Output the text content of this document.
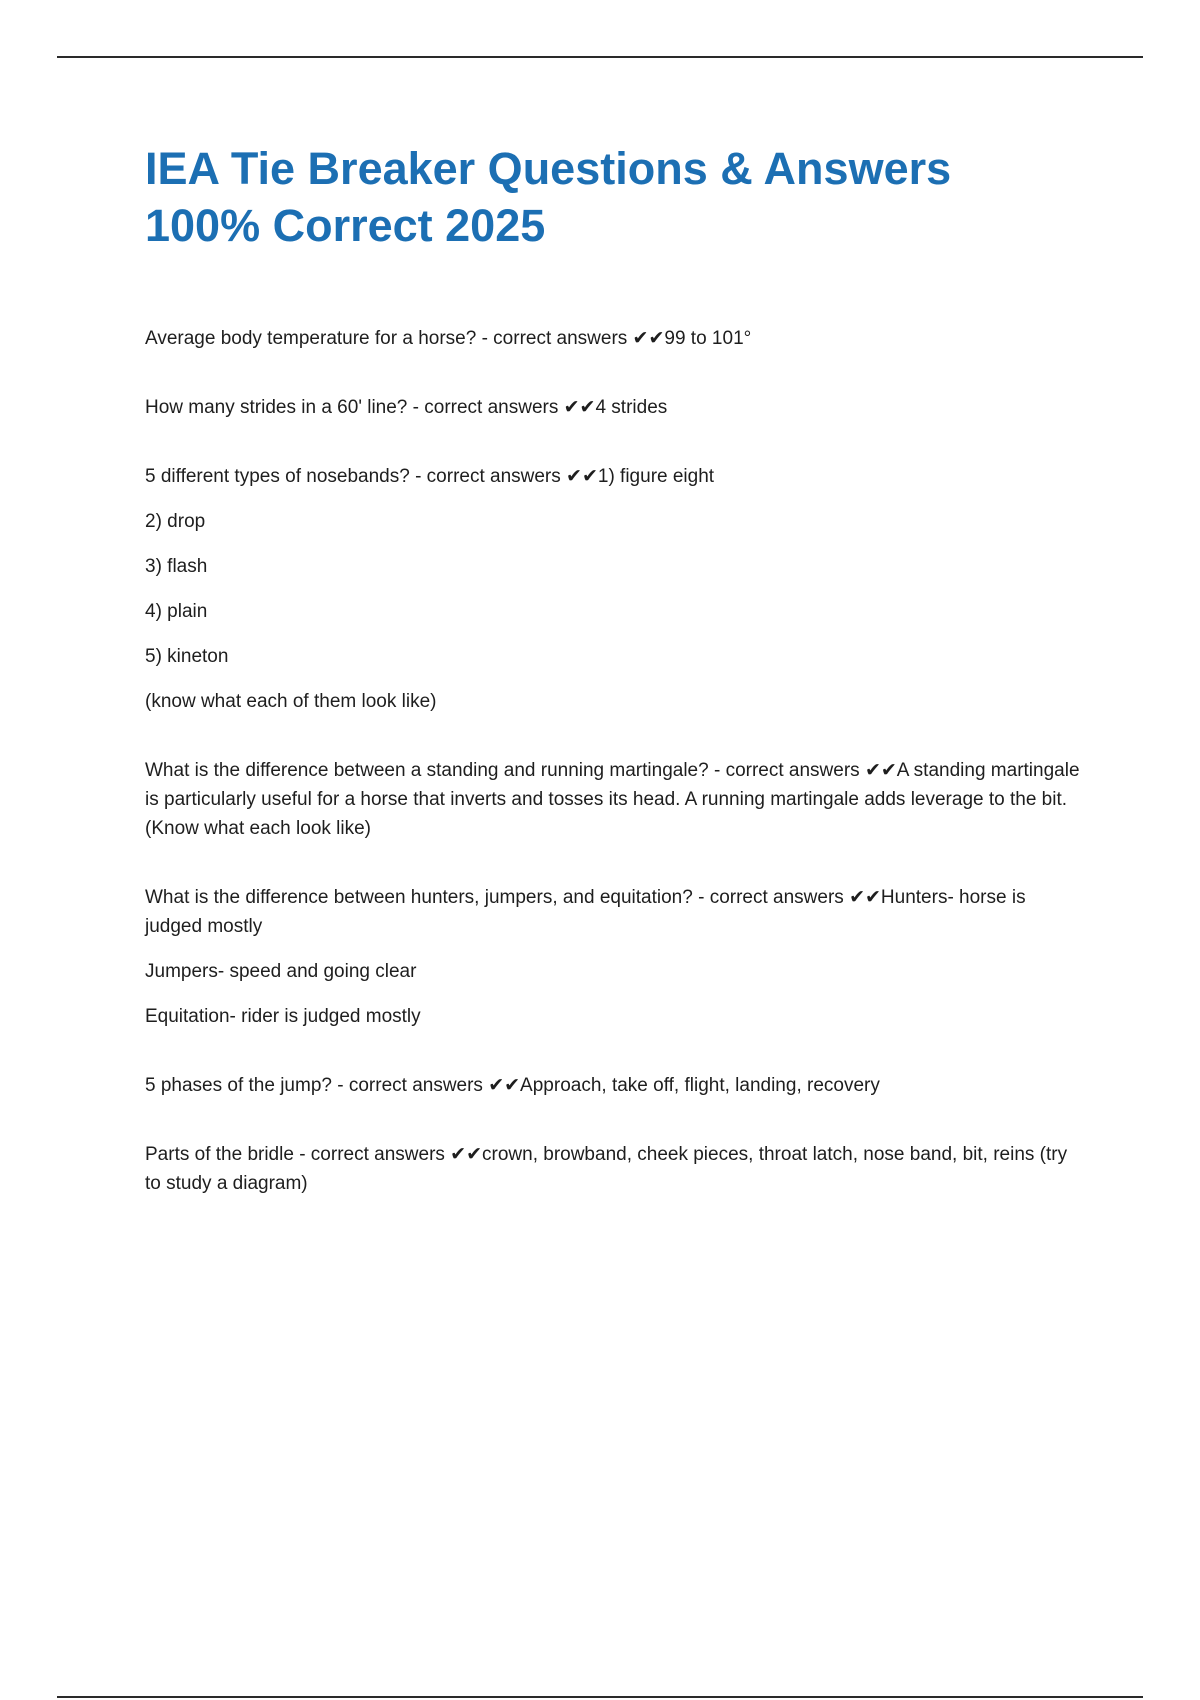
IEA Tie Breaker Questions & Answers
100% Correct 2025

Average body temperature for a horse? - correct answers ✔✔99 to 101°

How many strides in a 60' line? - correct answers ✔✔4 strides

5 different types of nosebands? - correct answers ✔✔1) figure eight

2) drop

3) flash

4) plain

5) kineton

(know what each of them look like)

What is the difference between a standing and running martingale? - correct answers ✔✔A standing martingale is particularly useful for a horse that inverts and tosses its head. A running martingale adds leverage to the bit. (Know what each look like)

What is the difference between hunters, jumpers, and equitation? - correct answers ✔✔Hunters- horse is judged mostly

Jumpers- speed and going clear

Equitation- rider is judged mostly

5 phases of the jump? - correct answers ✔✔Approach, take off, flight, landing, recovery

Parts of the bridle - correct answers ✔✔crown, browband, cheek pieces, throat latch, nose band, bit, reins (try to study a diagram)
